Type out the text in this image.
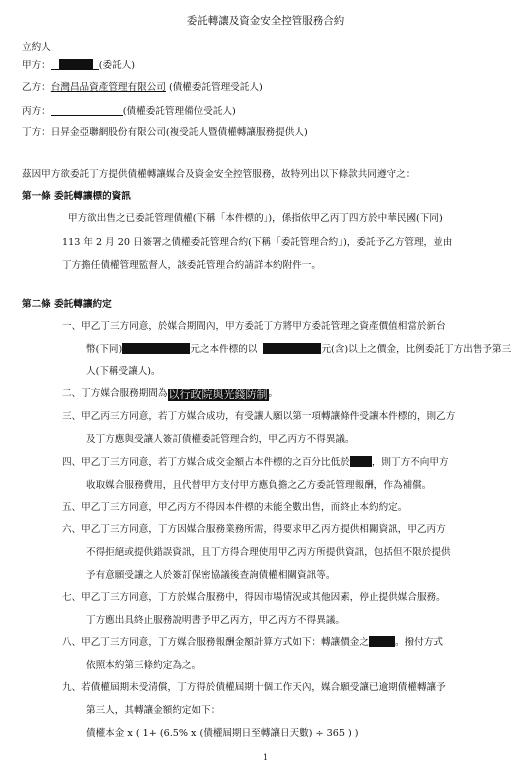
委託轉讓及資金安全控管服務合約
立約人
甲方：	(委託人)
乙方：台灣昌品資產管理有限公司 (債權委託管理受託人)
丙方：	(債權委託管理備位受託人)
丁方：日昇金亞聯網股份有限公司(複受託人暨債權轉讓服務提供人)
茲因甲方欲委託丁方提供債權轉讓媒合及資金安全控管服務，故特列出以下條款共同遵守之：
第一條 委託轉讓標的資訊
甲方欲出售之已委託管理債權(下稱「本件標的」)，係指依甲乙丙丁四方於中華民國(下同)
113 年 2 月 20 日簽署之債權委託管理合約(下稱「委託管理合約」)，委託予乙方管理，並由
丁方擔任債權管理監督人，該委託管理合約請詳本約附件一。
第二條 委託轉讓約定
一、甲乙丁三方同意，於媒合期間內，甲方委託丁方將甲方委託管理之資產價值相當於新台
幣(下同)	元之本件標的以	元(含)以上之價金，比例委託丁方出售予第三
人(下稱受讓人)。
二、丁方媒合服務期間為以行政院與光錢防制。
三、甲乙丙三方同意，若丁方媒合成功，有受讓人願以第一項轉讓條件受讓本件標的，則乙方
及丁方應與受讓人簽訂債權委託管理合約，甲乙丙方不得異議。
四、甲乙丁三方同意，若丁方媒合成交金額占本件標的之百分比低於 ，則丁方不向甲方
收取媒合服務費用，且代替甲方支付甲方應負擔之乙方委託管理報酬，作為補償。
五、甲乙丁三方同意，甲乙丙方不得因本件標的未能全數出售，而終止本約約定。
六、甲乙丁三方同意，丁方因媒合服務業務所需，得要求甲乙丙方提供相關資訊，甲乙丙方
不得拒絕或提供錯誤資訊，且丁方得合理使用甲乙丙方所提供資訊，包括但不限於提供
予有意願受讓之人於簽訂保密協議後查詢債權相關資訊等。
七、甲乙丁三方同意，丁方於媒合服務中，得因市場情況或其他因素，停止提供媒合服務。
丁方應出具終止服務說明書予甲乙丙方，甲乙丙方不得異議。
八、甲乙丁三方同意，丁方媒合服務報酬金額計算方式如下：轉讓價金之	。撥付方式
依照本約第三條約定為之。
九、若債權屆期未受清償，丁方得於債權屆期十個工作天內，媒合願受讓已逾期債權轉讓予
第三人，其轉讓金額約定如下：
債權本金 x ( 1+ (6.5% x (債權屆期日至轉讓日天數) ÷ 365 ) )
1
